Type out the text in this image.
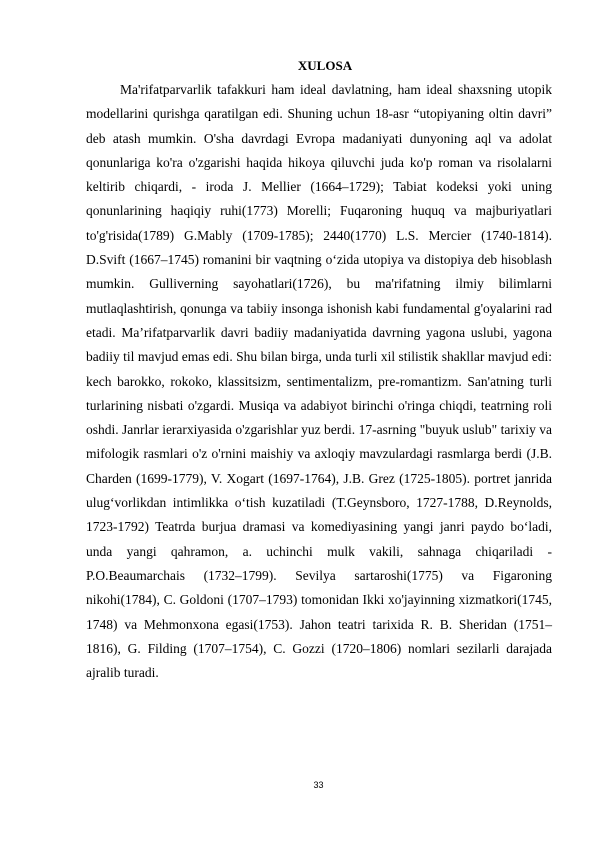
XULOSA

Ma'rifatparvarlik tafakkuri ham ideal davlatning, ham ideal shaxsning utopik modellarini qurishga qaratilgan edi. Shuning uchun 18-asr “utopiyaning oltin davri” deb atash mumkin. O'sha davrdagi Evropa madaniyati dunyoning aql va adolat qonunlariga ko'ra o'zgarishi haqida hikoya qiluvchi juda ko'p roman va risolalarni keltirib chiqardi, - iroda J. Mellier (1664–1729); Tabiat kodeksi yoki uning qonunlarining haqiqiy ruhi(1773) Morelli; Fuqaroning huquq va majburiyatlari to'g'risida(1789) G.Mably (1709-1785); 2440(1770) L.S. Mercier (1740-1814). D.Svift (1667–1745) romanini bir vaqtning o‘zida utopiya va distopiya deb hisoblash mumkin. Gulliverning sayohatlari(1726), bu ma'rifatning ilmiy bilimlarni mutlaqlashtirish, qonunga va tabiiy insonga ishonish kabi fundamental g'oyalarini rad etadi. Ma’rifatparvarlik davri badiiy madaniyatida davrning yagona uslubi, yagona badiiy til mavjud emas edi. Shu bilan birga, unda turli xil stilistik shakllar mavjud edi: kech barokko, rokoko, klassitsizm, sentimentalizm, pre-romantizm. San'atning turli turlarining nisbati o'zgardi. Musiqa va adabiyot birinchi o'ringa chiqdi, teatrning roli oshdi. Janrlar ierarxiyasida o'zgarishlar yuz berdi. 17-asrning "buyuk uslub" tarixiy va mifologik rasmlari o'z o'rnini maishiy va axloqiy mavzulardagi rasmlarga berdi (J.B. Charden (1699-1779), V. Xogart (1697-1764), J.B. Grez (1725-1805). portret janrida ulug‘vorlikdan intimlikka o‘tish kuzatiladi (T.Geynsboro, 1727-1788, D.Reynolds, 1723-1792) Teatrda burjua dramasi va komediyasining yangi janri paydo bo‘ladi, unda yangi qahramon, a. uchinchi mulk vakili, sahnaga chiqariladi - P.O.Beaumarchais (1732–1799). Sevilya sartaroshi(1775) va Figaroning nikohi(1784), C. Goldoni (1707–1793) tomonidan Ikki xo'jayinning xizmatkori(1745, 1748) va Mehmonxona egasi(1753). Jahon teatri tarixida R. B. Sheridan (1751–1816), G. Filding (1707–1754), C. Gozzi (1720–1806) nomlari sezilarli darajada ajralib turadi.

33
